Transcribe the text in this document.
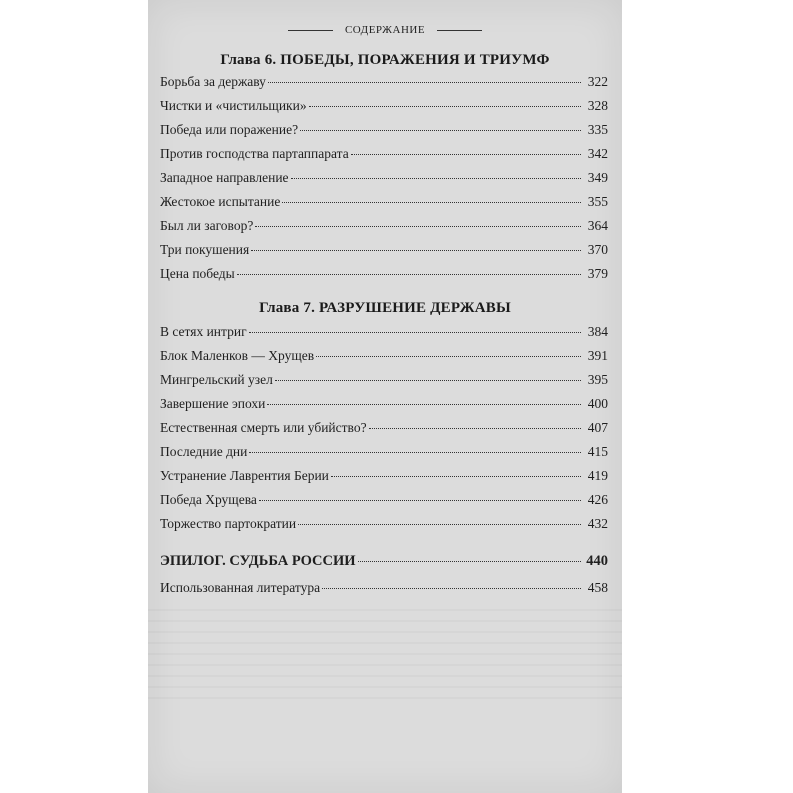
СОДЕРЖАНИЕ
Глава 6. ПОБЕДЫ, ПОРАЖЕНИЯ И ТРИУМФ
Борьба за державу	322
Чистки и «чистильщики»	328
Победа или поражение?	335
Против господства партаппарата	342
Западное направление	349
Жестокое испытание	355
Был ли заговор?	364
Три покушения	370
Цена победы	379
Глава 7. РАЗРУШЕНИЕ ДЕРЖАВЫ
В сетях интриг	384
Блок Маленков — Хрущев	391
Мингрельский узел	395
Завершение эпохи	400
Естественная смерть или убийство?	407
Последние дни	415
Устранение Лаврентия Берии	419
Победа Хрущева	426
Торжество партократии	432
ЭПИЛОГ. СУДЬБА РОССИИ	440
Использованная литература	458
